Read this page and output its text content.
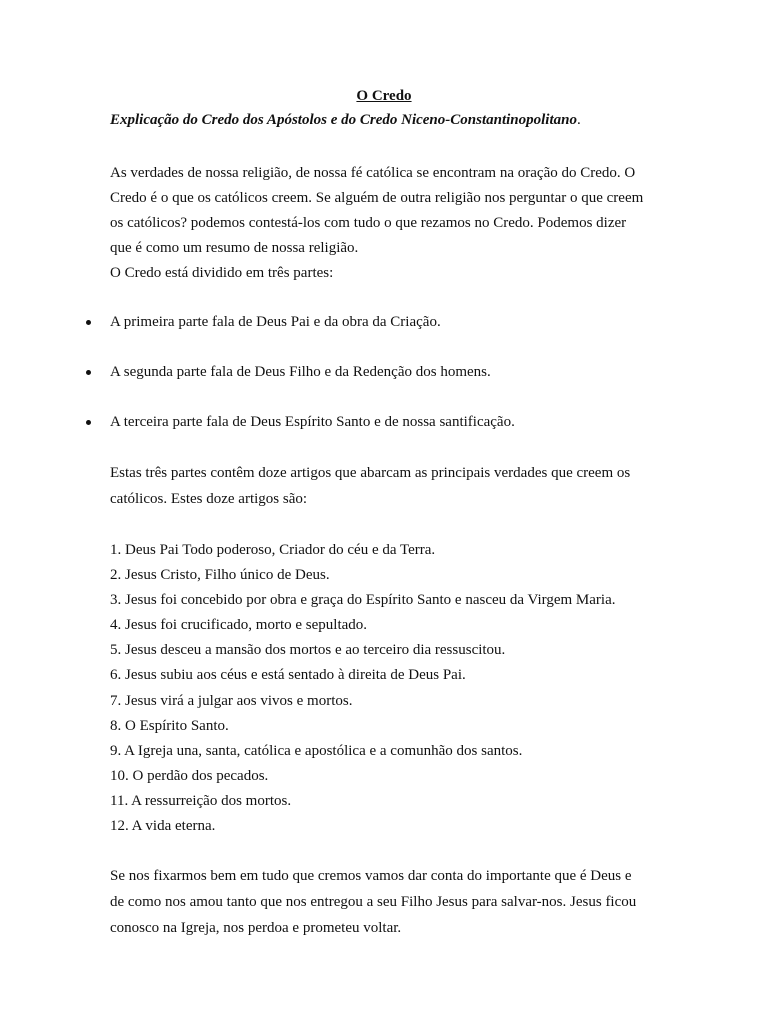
O Credo
Explicação do Credo dos Apóstolos e do Credo Niceno-Constantinopolitano.
As verdades de nossa religião, de nossa fé católica se encontram na oração do Credo. O
Credo é o que os católicos creem. Se alguém de outra religião nos perguntar o que creem
os católicos? podemos contestá-los com tudo o que rezamos no Credo. Podemos dizer
que é como um resumo de nossa religião.
O Credo está dividido em três partes:
A primeira parte fala de Deus Pai e da obra da Criação.
A segunda parte fala de Deus Filho e da Redenção dos homens.
A terceira parte fala de Deus Espírito Santo e de nossa santificação.
Estas três partes contêm doze artigos que abarcam as principais verdades que creem os
católicos. Estes doze artigos são:
1. Deus Pai Todo poderoso, Criador do céu e da Terra.
2. Jesus Cristo, Filho único de Deus.
3. Jesus foi concebido por obra e graça do Espírito Santo e nasceu da Virgem Maria.
4. Jesus foi crucificado, morto e sepultado.
5. Jesus desceu a mansão dos mortos e ao terceiro dia ressuscitou.
6. Jesus subiu aos céus e está sentado à direita de Deus Pai.
7. Jesus virá a julgar aos vivos e mortos.
8. O Espírito Santo.
9. A Igreja una, santa, católica e apostólica e a comunhão dos santos.
10. O perdão dos pecados.
11. A ressurreição dos mortos.
12. A vida eterna.
Se nos fixarmos bem em tudo que cremos vamos dar conta do importante que é Deus e
de como nos amou tanto que nos entregou a seu Filho Jesus para salvar-nos. Jesus ficou
conosco na Igreja, nos perdoa e prometeu voltar.
